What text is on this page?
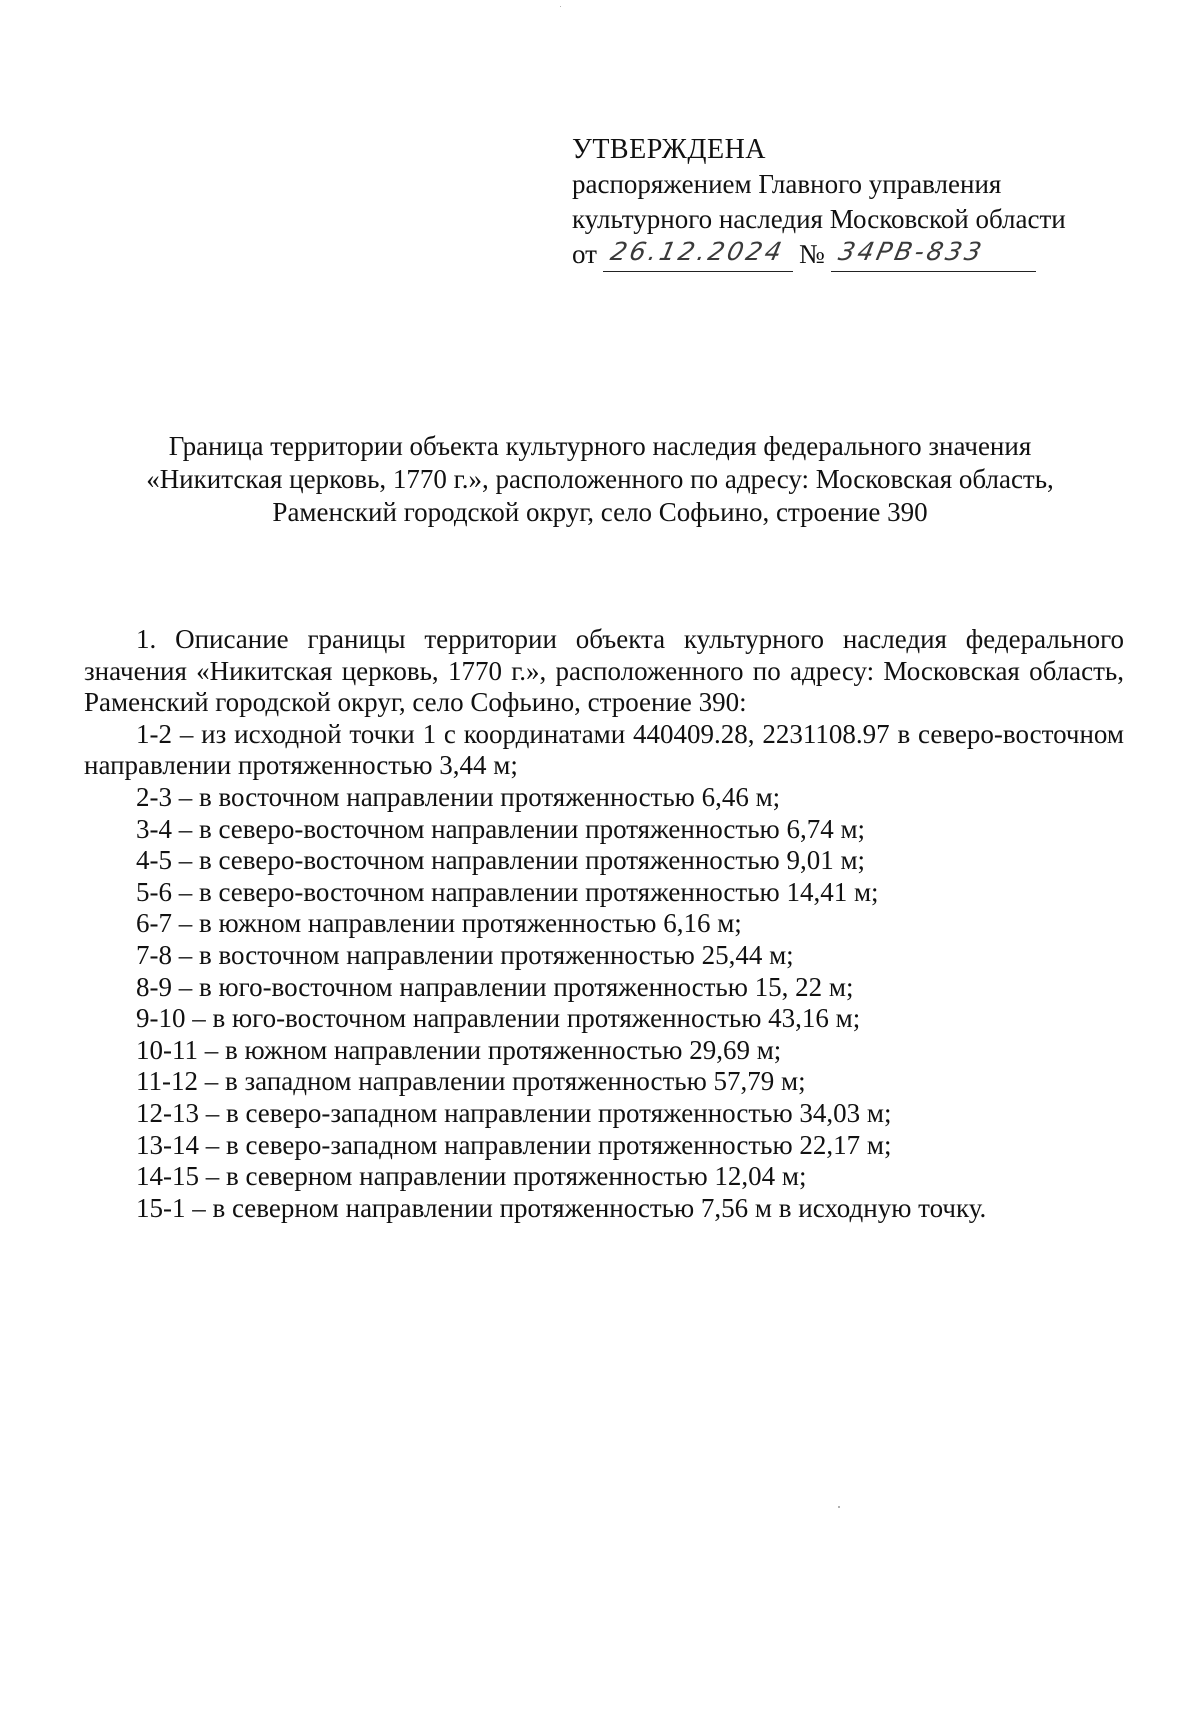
УТВЕРЖДЕНА
распоряжением Главного управления
культурного наследия Московской области
от 26.12.2024 № 34РВ-833
Граница территории объекта культурного наследия федерального значения
«Никитская церковь, 1770 г.», расположенного по адресу: Московская область,
Раменский городской округ, село Софьино, строение 390

1. Описание границы территории объекта культурного наследия федерального значения «Никитская церковь, 1770 г.», расположенного по адресу: Московская область, Раменский городской округ, село Софьино, строение 390:

1-2 – из исходной точки 1 с координатами 440409.28, 2231108.97 в северо-восточном направлении протяженностью 3,44 м;

2-3 – в восточном направлении протяженностью 6,46 м;

3-4 – в северо-восточном направлении протяженностью 6,74 м;

4-5 – в северо-восточном направлении протяженностью 9,01 м;

5-6 – в северо-восточном направлении протяженностью 14,41 м;

6-7 – в южном направлении протяженностью 6,16 м;

7-8 – в восточном направлении протяженностью 25,44 м;

8-9 – в юго-восточном направлении протяженностью 15, 22 м;

9-10 – в юго-восточном направлении протяженностью 43,16 м;

10-11 – в южном направлении протяженностью 29,69 м;

11-12 – в западном направлении протяженностью 57,79 м;

12-13 – в северо-западном направлении протяженностью 34,03 м;

13-14 – в северо-западном направлении протяженностью 22,17 м;

14-15 – в северном направлении протяженностью 12,04 м;

15-1 – в северном направлении протяженностью 7,56 м в исходную точку.
